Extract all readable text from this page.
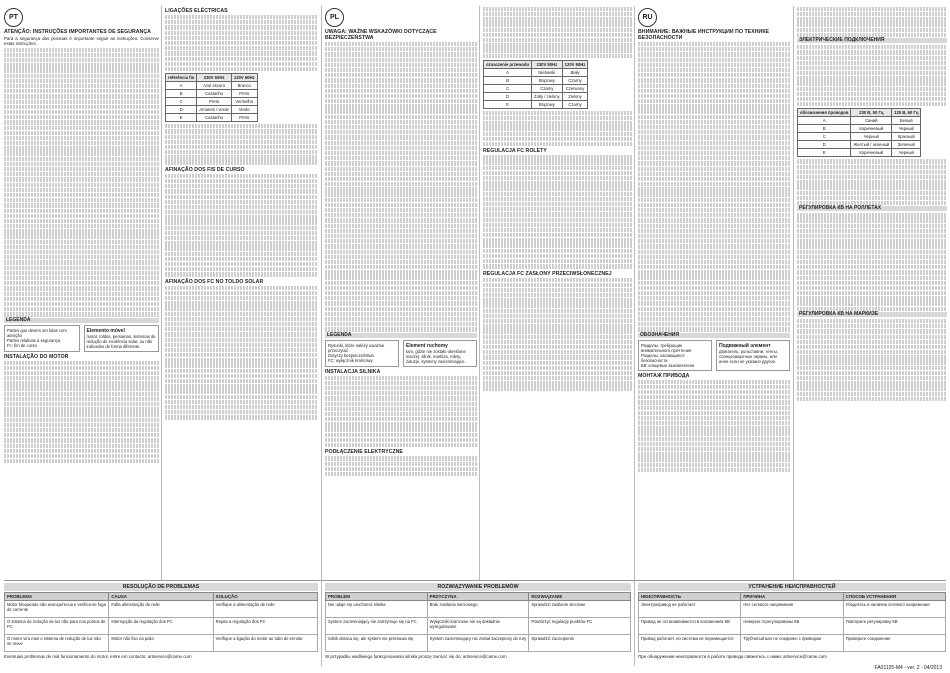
PT
ATENÇÃO: INSTRUÇÕES IMPORTANTES DE SEGURANÇA
Para a segurança das pessoas é importante seguir as instruções. Conserve estas instruções.
LEGENDA
Partes que devem ser lidas com atenção
Partes relativas à segurança
Fc: fim de curso
Elemento móvel
motor, toldos, persianas, sistemas de redução de incidência solar, ou não indicados de forma diferente.
INSTALAÇÃO DO MOTOR
LIGAÇÕES ELÉCTRICAS
referência fio	230V 50Hz	120V 60Hz
A	Azul escuro	Branco
B	Castanho	Preto
C	Preto	Vermelho
D	Amarelo / verde	Verde
E	Castanho	Preto
AFINAÇÃO DOS FIS DE CURSO
AFINAÇÃO DOS FC NO TOLDO SOLAR
PL
UWAGA: WAŻNE WSKAZÓWKI DOTYCZĄCE BEZPIECZEŃSTWA
LEGENDA
Rysunki, które należy uważnie przeczytać
Dotyczy bezpieczeństwa
FC: wyłącznik krańcowy
Element ruchomy
tam, gdzie nie zostało określone inaczej: silnik, markiza, rolety, żaluzje, systemy zaciemniające.
INSTALACJA SILNIKA
PODŁĄCZENIE ELEKTRYCZNE
oznaczenie przewodu	230V 50Hz	120V 60Hz
A	Niebieski	Biały
B	Brązowy	Czarny
C	Czarny	Czerwony
D	Żółty / zielony	Zielony
E	Brązowy	Czarny
REGULACJA FC ROLETY
REGULACJA FC ZASŁONY PRZECIWSŁONECZNEJ
RU
ВНИМАНИЕ: ВАЖНЫЕ ИНСТРУКЦИИ ПО ТЕХНИКЕ БЕЗОПАСНОСТИ
ОБОЗНАЧЕНИЯ
Разделы, требующие внимательного прочтения
Разделы, касающиеся безопасности
КВ: концевые выключатели
Подвижный элемент
двигатель, рольставни, тенты, солнцезащитные экраны, или иное если не указано другое.
МОНТАЖ ПРИВОДА
ЭЛЕКТРИЧЕСКИЕ ПОДКЛЮЧЕНИЯ
обозначения проводов	230 В, 50 Гц	120 В, 60 Гц
A	Синий	Белый
B	Коричневый	Черный
C	Черный	Красный
D	Желтый / зеленый	Зеленый
E	Коричневый	Черный
РЕГУЛИРОВКА КВ НА РОЛЛЕТАХ
РЕГУЛИРОВКА КВ НА МАРКИЗЕ
RESOLUÇÃO DE PROBLEMAS
PROBLEMA	CAUSA	SOLUÇÃO
Motor bloqueado não avança/recua e verifica-se fuga de corrente	Falta alimentação de rede	Verifique a alimentação de rede
O sistema de redução de luz não para nos pontos de FC	Interrupção da regulação dos FC	Repita a regulação dos FC
O motor vira mas o sistema de redução de luz não se move	Motor não fixo na polia	Verifique a ligação do motor ao tubo de enrolar
Eventuais problemas de mal funcionamento do motor, entre em contacto: artservice@came.com
ROZWIĄZYWANIE PROBLEMÓW
PROBLEM	PRZYCZYNA	ROZWIĄZANIE
Nie udaje się uruchomić silnika	Brak zasilania sieciowego	Sprawdzić zasilanie sieciowe
System zaciemniający nie zatrzymuje się na FC	Wyłączniki krańcowe nie są dokładnie wyregulowane	Powtórzyć regulację punktów FC
Silnik obraca się, ale system nie przesuwa się	System zaciemniający nie został zaczepiony do rury	Sprawdzić zaczepienie
W przypadku wadliwego funkcjonowania silnika proszę zwrócić się do: artservice@came.com
УСТРАНЕНИЕ НЕИСПРАВНОСТЕЙ
НЕИСПРАВНОСТЬ	ПРИЧИНА	СПОСОБ УСТРАНЕНИЯ
Электропривод не работает	Нет сетевого напряжения	Убедитесь в наличии сетевого напряжения
Привод не останавливается в положениях КВ	Неверно отрегулированы КВ	Повторите регулировку КВ
Привод работает, но система не перемещается	Трубчатый вал не соединен с приводом	Проверьте соединение
При обнаружении неисправности в работе привода свяжитесь с нами: artservice@came.com
FA01125-M4 - ver. 2 - 04/2013
